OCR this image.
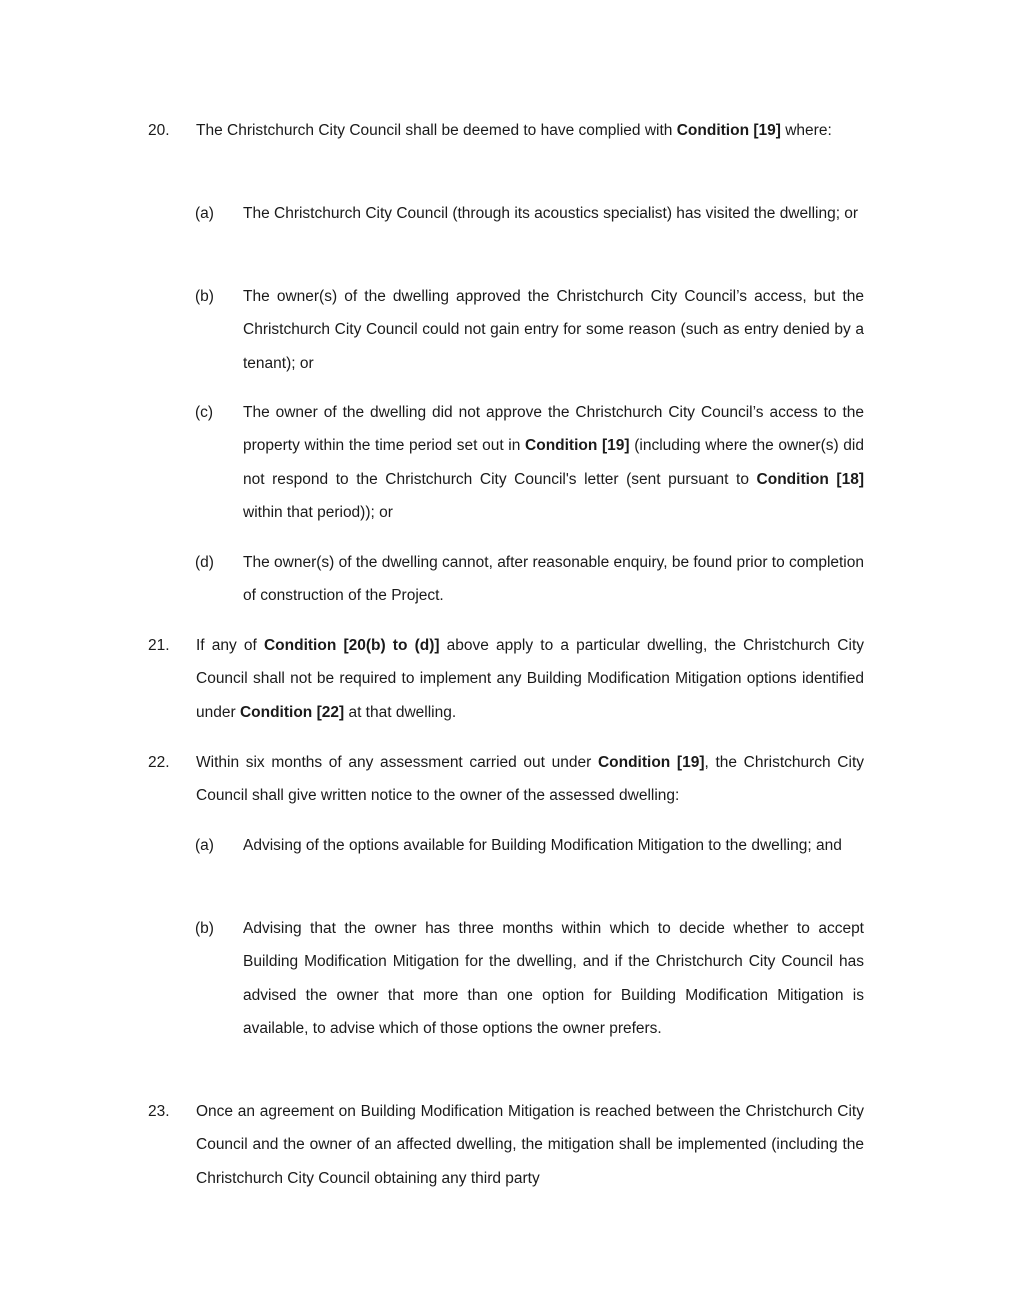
20.	The Christchurch City Council shall be deemed to have complied with Condition [19] where:
(a)	The Christchurch City Council (through its acoustics specialist) has visited the dwelling; or
(b)	The owner(s) of the dwelling approved the Christchurch City Council’s access, but the Christchurch City Council could not gain entry for some reason (such as entry denied by a tenant); or
(c)	The owner of the dwelling did not approve the Christchurch City Council’s access to the property within the time period set out in Condition [19] (including where the owner(s) did not respond to the Christchurch City Council's letter (sent pursuant to Condition [18] within that period)); or
(d)	The owner(s) of the dwelling cannot, after reasonable enquiry, be found prior to completion of construction of the Project.
21.	If any of Condition [20(b) to (d)] above apply to a particular dwelling, the Christchurch City Council shall not be required to implement any Building Modification Mitigation options identified under Condition [22] at that dwelling.
22.	Within six months of any assessment carried out under Condition [19], the Christchurch City Council shall give written notice to the owner of the assessed dwelling:
(a)	Advising of the options available for Building Modification Mitigation to the dwelling; and
(b)	Advising that the owner has three months within which to decide whether to accept Building Modification Mitigation for the dwelling, and if the Christchurch City Council has advised the owner that more than one option for Building Modification Mitigation is available, to advise which of those options the owner prefers.
23.	Once an agreement on Building Modification Mitigation is reached between the Christchurch City Council and the owner of an affected dwelling, the mitigation shall be implemented (including the Christchurch City Council obtaining any third party
